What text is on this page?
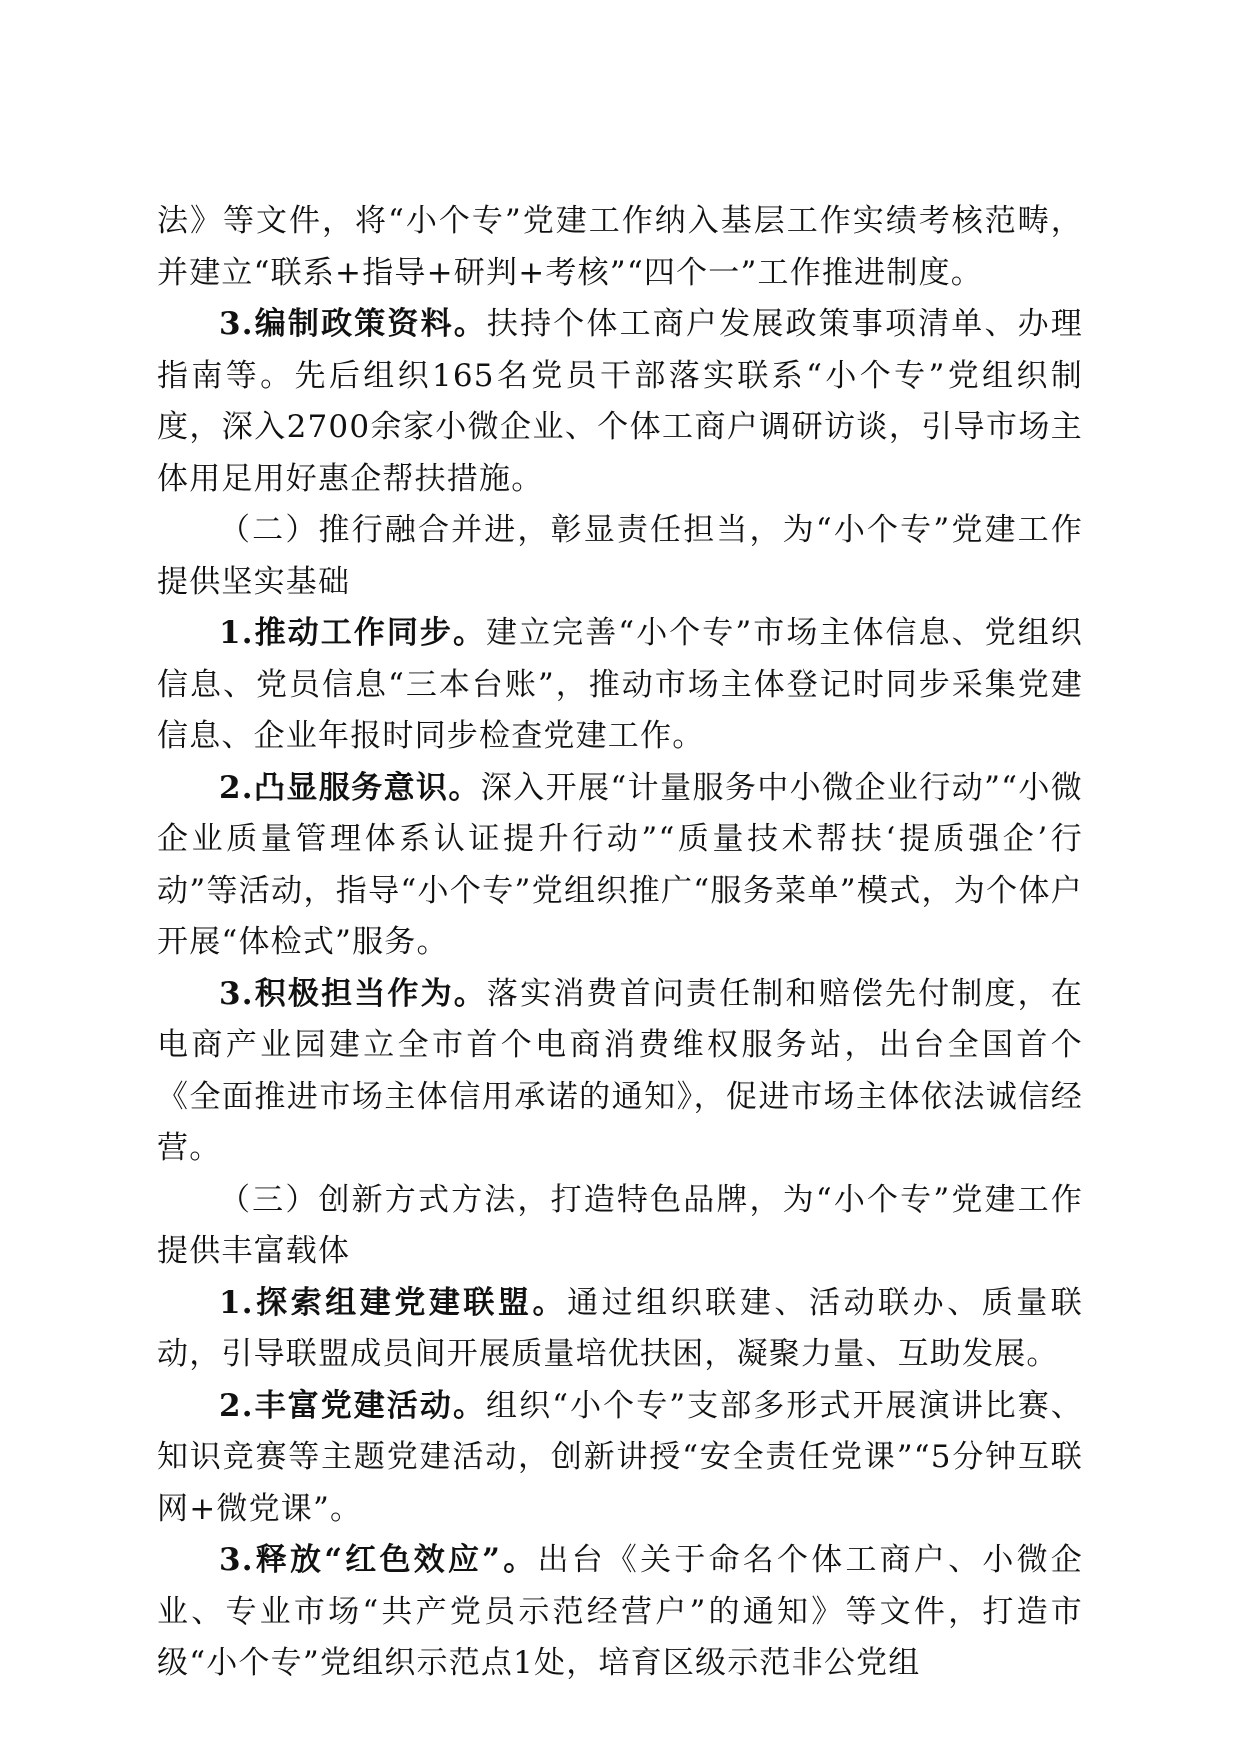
法》等文件，将“小个专”党建工作纳入基层工作实绩考核范畴，并建立“联系+指导+研判+考核”“四个一”工作推进制度。

3.编制政策资料。扶持个体工商户发展政策事项清单、办理指南等。先后组织165名党员干部落实联系“小个专”党组织制度，深入2700余家小微企业、个体工商户调研访谈，引导市场主体用足用好惠企帮扶措施。

（二）推行融合并进，彰显责任担当，为“小个专”党建工作提供坚实基础

1.推动工作同步。建立完善“小个专”市场主体信息、党组织信息、党员信息“三本台账”，推动市场主体登记时同步采集党建信息、企业年报时同步检查党建工作。

2.凸显服务意识。深入开展“计量服务中小微企业行动”“小微企业质量管理体系认证提升行动”“质量技术帮扶‘提质强企’行动”等活动，指导“小个专”党组织推广“服务菜单”模式，为个体户开展“体检式”服务。

3.积极担当作为。落实消费首问责任制和赔偿先付制度，在电商产业园建立全市首个电商消费维权服务站，出台全国首个《全面推进市场主体信用承诺的通知》，促进市场主体依法诚信经营。

（三）创新方式方法，打造特色品牌，为“小个专”党建工作提供丰富载体

1.探索组建党建联盟。通过组织联建、活动联办、质量联动，引导联盟成员间开展质量培优扶困，凝聚力量、互助发展。

2.丰富党建活动。组织“小个专”支部多形式开展演讲比赛、知识竞赛等主题党建活动，创新讲授“安全责任党课”“5分钟互联网+微党课”。

3.释放“红色效应”。出台《关于命名个体工商户、小微企业、专业市场“共产党员示范经营户”的通知》等文件，打造市级“小个专”党组织示范点1处，培育区级示范非公党组
